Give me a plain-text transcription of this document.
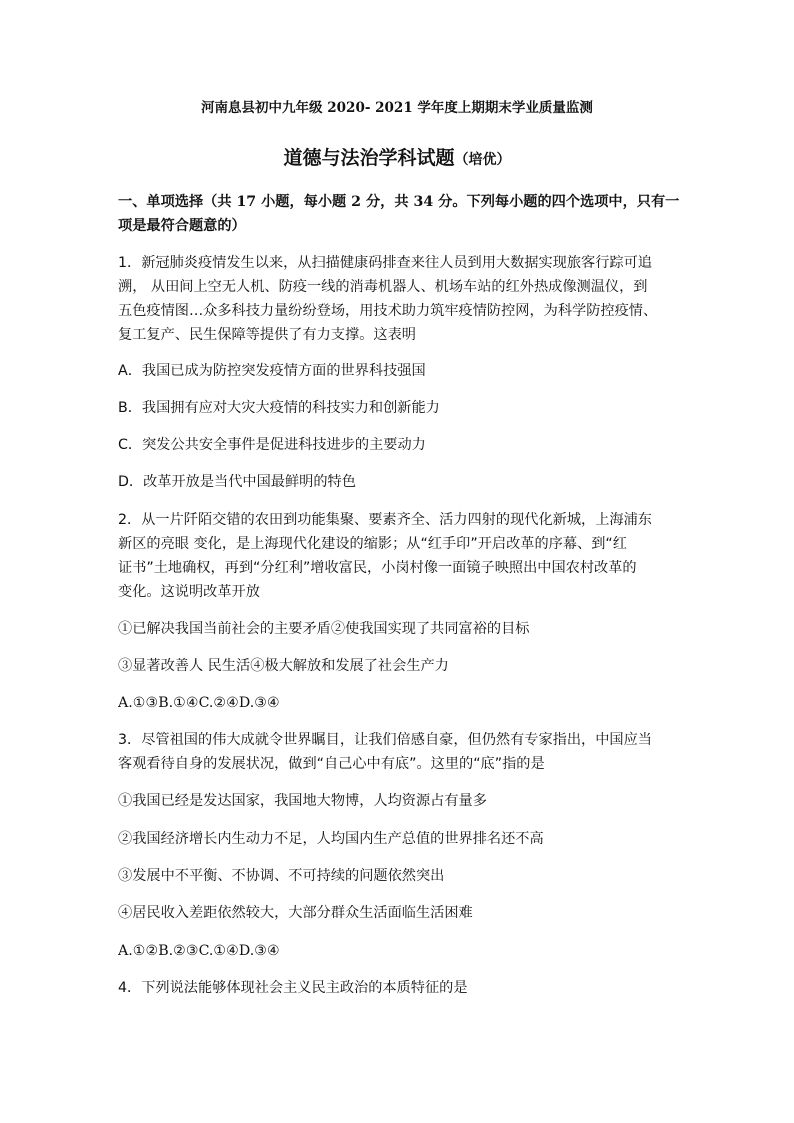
河南息县初中九年级 2020- 2021 学年度上期期末学业质量监测
道德与法治学科试题（培优）
一、单项选择（共 17 小题，每小题 2 分，共 34 分。下列每小题的四个选项中，只有一
项是最符合题意的）
1．新冠肺炎疫情发生以来，从扫描健康码排查来往人员到用大数据实现旅客行踪可追
溯， 从田间上空无人机、防疫一线的消毒机器人、机场车站的红外热成像测温仪，到
五色疫情图…众多科技力量纷纷登场，用技术助力筑牢疫情防控网，为科学防控疫情、
复工复产、民生保障等提供了有力支撑。这表明
A．我国已成为防控突发疫情方面的世界科技强国
B．我国拥有应对大灾大疫情的科技实力和创新能力
C．突发公共安全事件是促进科技进步的主要动力
D．改革开放是当代中国最鲜明的特色
2．从一片阡陌交错的农田到功能集聚、要素齐全、活力四射的现代化新城，上海浦东
新区的亮眼 变化，是上海现代化建设的缩影；从“红手印”开启改革的序幕、到“红
证书”土地确权，再到“分红利”增收富民，小岗村像一面镜子映照出中国农村改革的
变化。这说明改革开放
①已解决我国当前社会的主要矛盾②使我国实现了共同富裕的目标
③显著改善人 民生活④极大解放和发展了社会生产力
A.①③B.①④C.②④D.③④
3．尽管祖国的伟大成就令世界瞩目，让我们倍感自豪，但仍然有专家指出，中国应当
客观看待自身的发展状况，做到“自己心中有底”。这里的“底”指的是
①我国已经是发达国家，我国地大物博，人均资源占有量多
②我国经济增长内生动力不足，人均国内生产总值的世界排名还不高
③发展中不平衡、不协调、不可持续的问题依然突出
④居民收入差距依然较大，大部分群众生活面临生活困难
A.①②B.②③C.①④D.③④
4．下列说法能够体现社会主义民主政治的本质特征的是
